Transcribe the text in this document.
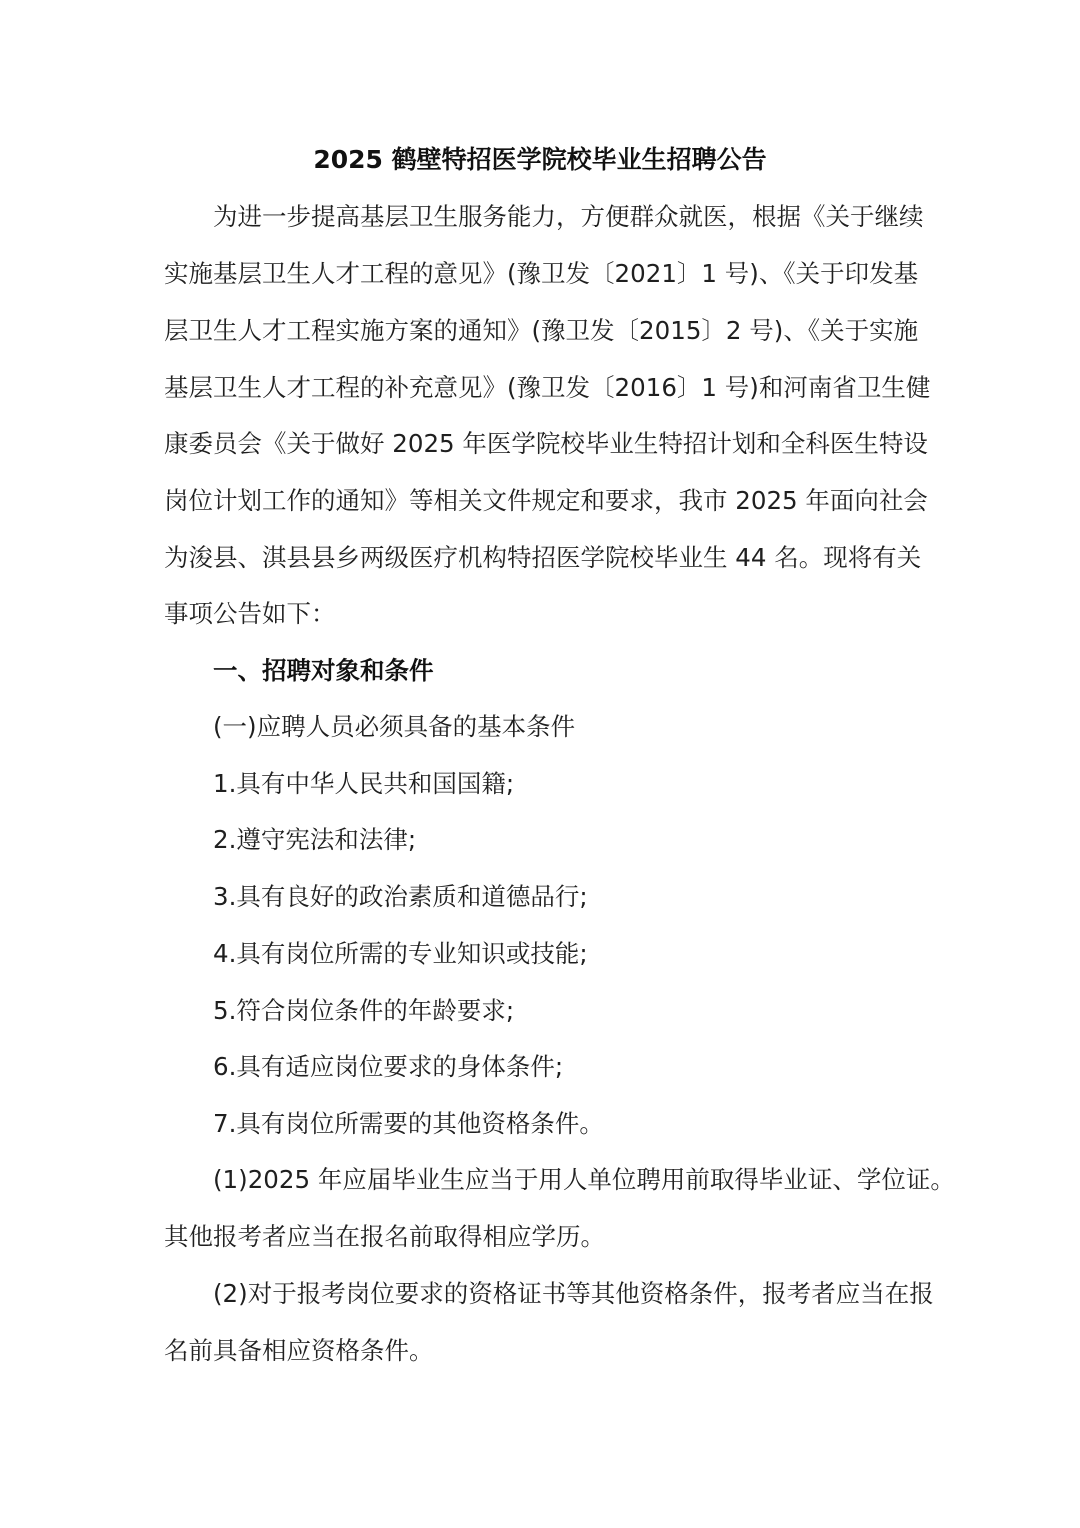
2025 鹤壁特招医学院校毕业生招聘公告
为进一步提高基层卫生服务能力，方便群众就医，根据《关于继续
实施基层卫生人才工程的意见》(豫卫发〔2021〕1 号)、《关于印发基
层卫生人才工程实施方案的通知》(豫卫发〔2015〕2 号)、《关于实施
基层卫生人才工程的补充意见》(豫卫发〔2016〕1 号)和河南省卫生健
康委员会《关于做好 2025 年医学院校毕业生特招计划和全科医生特设
岗位计划工作的通知》等相关文件规定和要求，我市 2025 年面向社会
为浚县、淇县县乡两级医疗机构特招医学院校毕业生 44 名。现将有关
事项公告如下：
一、招聘对象和条件
(一)应聘人员必须具备的基本条件
1.具有中华人民共和国国籍;
2.遵守宪法和法律;
3.具有良好的政治素质和道德品行;
4.具有岗位所需的专业知识或技能;
5.符合岗位条件的年龄要求;
6.具有适应岗位要求的身体条件;
7.具有岗位所需要的其他资格条件。
(1)2025 年应届毕业生应当于用人单位聘用前取得毕业证、学位证。
其他报考者应当在报名前取得相应学历。
(2)对于报考岗位要求的资格证书等其他资格条件，报考者应当在报
名前具备相应资格条件。
